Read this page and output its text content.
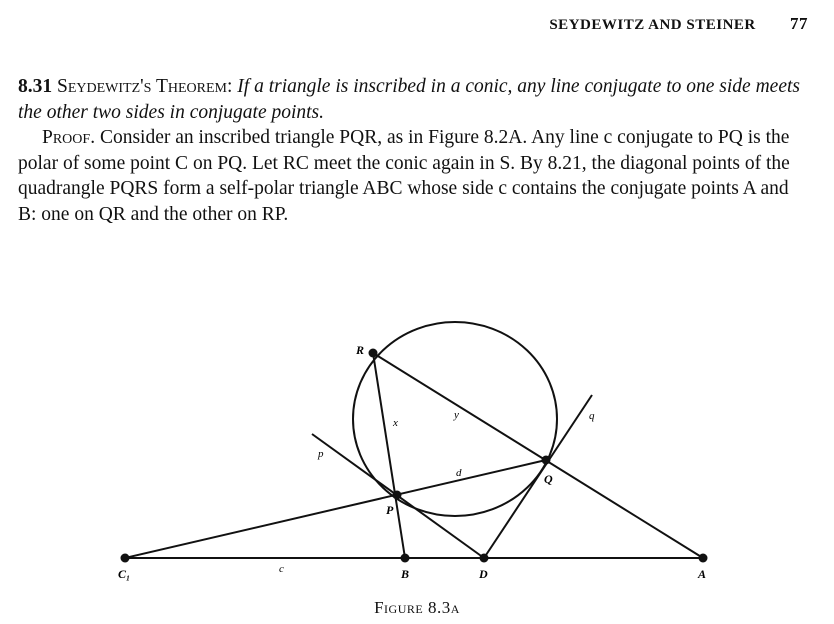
SEYDEWITZ AND STEINER 77

8.31 Seydewitz's Theorem: If a triangle is inscribed in a conic, any line conjugate to one side meets the other two sides in conjugate points.

Proof. Consider an inscribed triangle PQR, as in Figure 8.2A. Any line c conjugate to PQ is the polar of some point C on PQ. Let RC meet the conic again in S. By 8.21, the diagonal points of the quadrangle PQRS form a self-polar triangle ABC whose side c contains the conjugate points A and B: one on QR and the other on RP.

R
P
Q
C₁	B	D	A
x
y
d
c
p
q
Figure 8.3a
